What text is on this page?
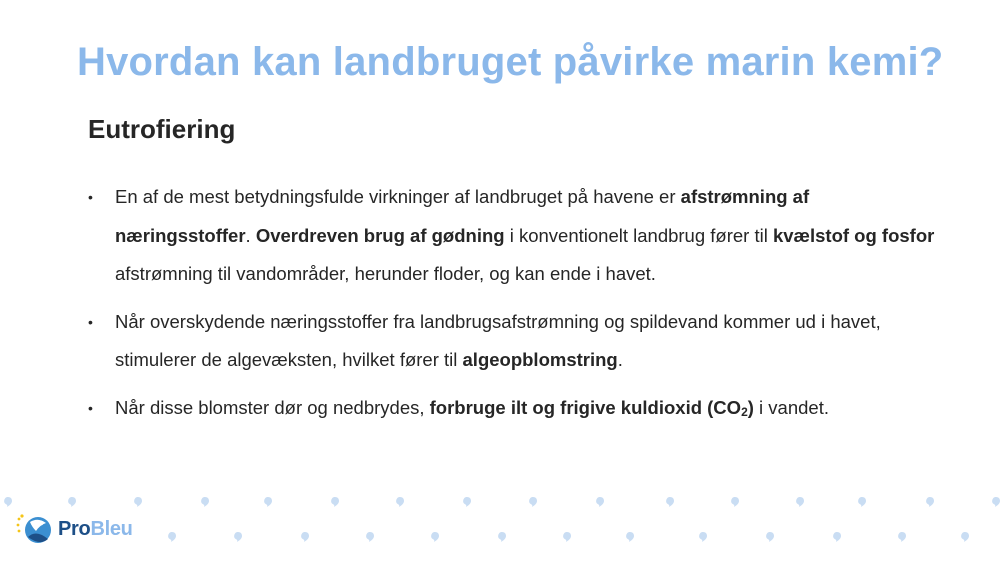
Hvordan kan landbruget påvirke marin kemi?
Eutrofiering
• En af de mest betydningsfulde virkninger af landbruget på havene er afstrømning af næringsstoffer. Overdreven brug af gødning i konventionelt landbrug fører til kvælstof og fosfor afstrømning til vandområder, herunder floder, og kan ende i havet.
• Når overskydende næringsstoffer fra landbrugsafstrømning og spildevand kommer ud i havet, stimulerer de algevæksten, hvilket fører til algeopblomstring.
• Når disse blomster dør og nedbrydes, forbruge ilt og frigive kuldioxid $(CO_2)$ i vandet.
ProBleu
